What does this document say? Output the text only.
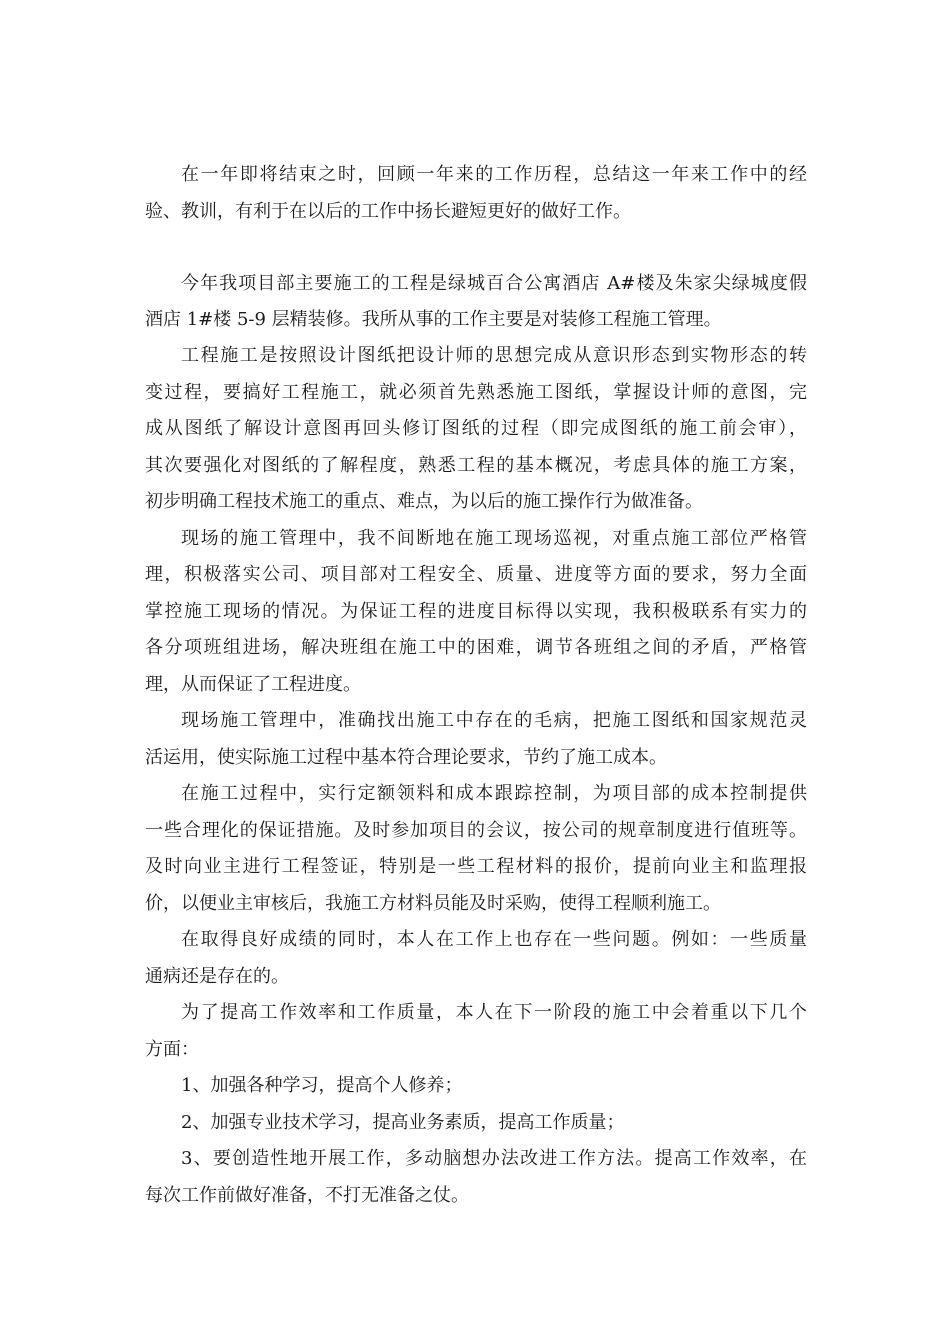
在一年即将结束之时，回顾一年来的工作历程，总结这一年来工作中的经
验、教训，有利于在以后的工作中扬长避短更好的做好工作。
今年我项目部主要施工的工程是绿城百合公寓酒店 A#楼及朱家尖绿城度假
酒店 1#楼 5-9 层精装修。我所从事的工作主要是对装修工程施工管理。
工程施工是按照设计图纸把设计师的思想完成从意识形态到实物形态的转
变过程，要搞好工程施工，就必须首先熟悉施工图纸，掌握设计师的意图，完
成从图纸了解设计意图再回头修订图纸的过程（即完成图纸的施工前会审），
其次要强化对图纸的了解程度，熟悉工程的基本概况，考虑具体的施工方案，
初步明确工程技术施工的重点、难点，为以后的施工操作行为做准备。
现场的施工管理中，我不间断地在施工现场巡视，对重点施工部位严格管
理，积极落实公司、项目部对工程安全、质量、进度等方面的要求，努力全面
掌控施工现场的情况。为保证工程的进度目标得以实现，我积极联系有实力的
各分项班组进场，解决班组在施工中的困难，调节各班组之间的矛盾，严格管
理，从而保证了工程进度。
现场施工管理中，准确找出施工中存在的毛病，把施工图纸和国家规范灵
活运用，使实际施工过程中基本符合理论要求，节约了施工成本。
在施工过程中，实行定额领料和成本跟踪控制，为项目部的成本控制提供
一些合理化的保证措施。及时参加项目的会议，按公司的规章制度进行值班等。
及时向业主进行工程签证，特别是一些工程材料的报价，提前向业主和监理报
价，以便业主审核后，我施工方材料员能及时采购，使得工程顺利施工。
在取得良好成绩的同时，本人在工作上也存在一些问题。例如：一些质量
通病还是存在的。
为了提高工作效率和工作质量，本人在下一阶段的施工中会着重以下几个
方面：
1、加强各种学习，提高个人修养；
2、加强专业技术学习，提高业务素质，提高工作质量；
3、要创造性地开展工作，多动脑想办法改进工作方法。提高工作效率，在
每次工作前做好准备，不打无准备之仗。
